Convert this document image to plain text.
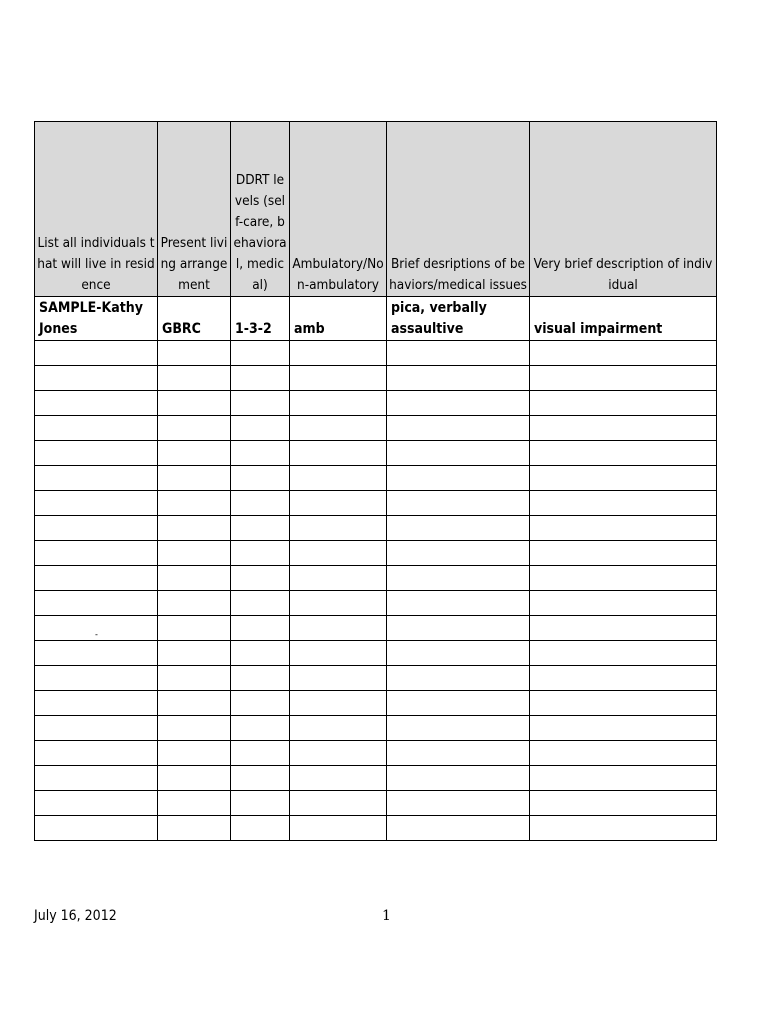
List all individuals that will live in residence	Present living arrangement	DDRT levels (self-care, behavioral, medical)	Ambulatory/Non-ambulatory	Brief desriptions of behaviors/medical issues	Very brief description of individual
SAMPLE-Kathy Jones	GBRC	1-3-2	amb	pica, verbally assaultive	visual impairment

-
July 16, 2012	1
